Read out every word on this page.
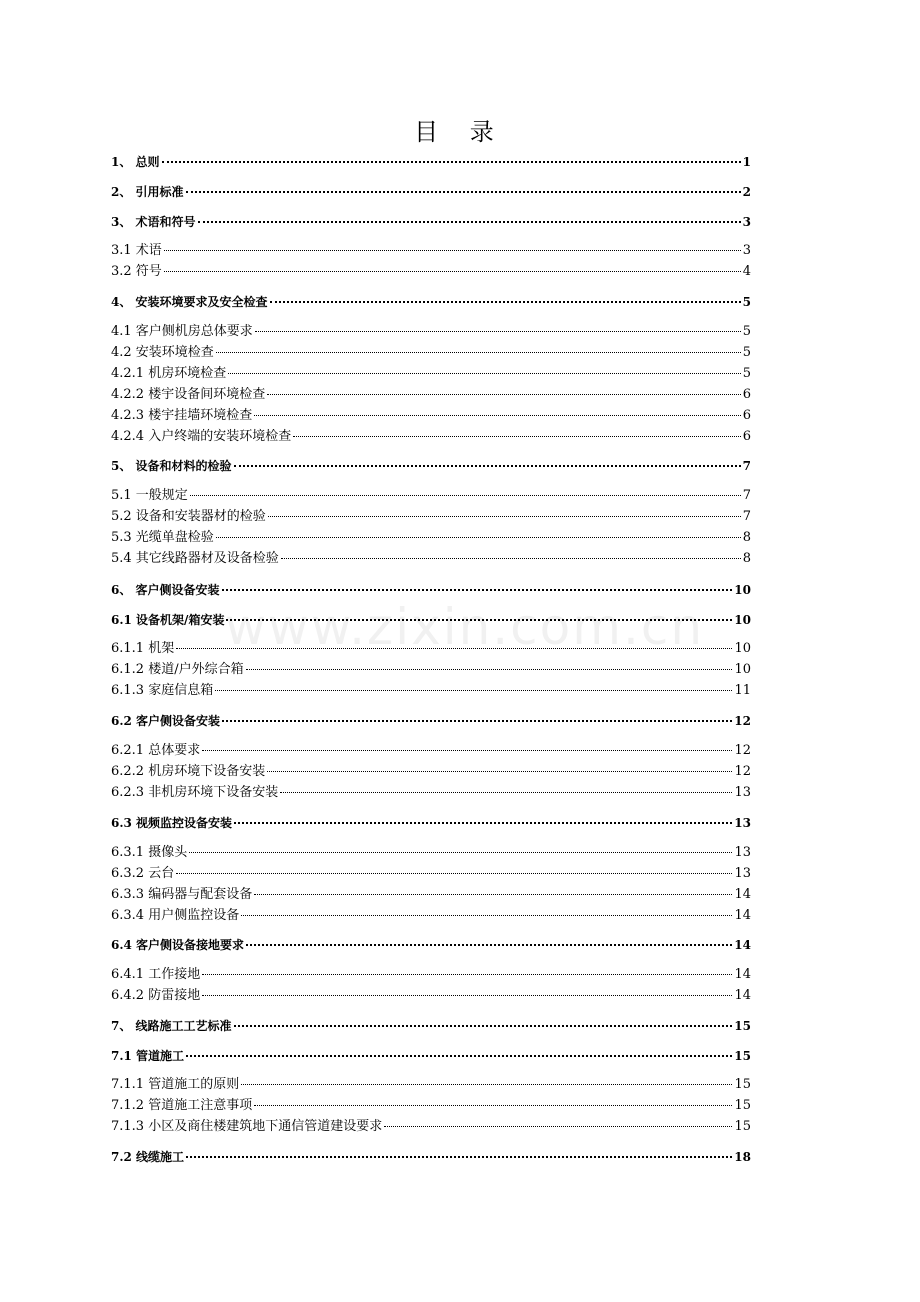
www.zixin.com.cn
目 录
1、 总则	1
2、 引用标准	2
3、 术语和符号	3
3.1 术语	3
3.2 符号	4
4、 安装环境要求及安全检查	5
4.1 客户侧机房总体要求	5
4.2 安装环境检查	5
4.2.1 机房环境检查	5
4.2.2 楼宇设备间环境检查	6
4.2.3 楼宇挂墙环境检查	6
4.2.4 入户终端的安装环境检查	6
5、 设备和材料的检验	7
5.1 一般规定	7
5.2 设备和安装器材的检验	7
5.3 光缆单盘检验	8
5.4 其它线路器材及设备检验	8
6、 客户侧设备安装	10
6.1 设备机架/箱安装	10
6.1.1 机架	10
6.1.2 楼道/户外综合箱	10
6.1.3 家庭信息箱	11
6.2 客户侧设备安装	12
6.2.1 总体要求	12
6.2.2 机房环境下设备安装	12
6.2.3 非机房环境下设备安装	13
6.3 视频监控设备安装	13
6.3.1 摄像头	13
6.3.2 云台	13
6.3.3 编码器与配套设备	14
6.3.4 用户侧监控设备	14
6.4 客户侧设备接地要求	14
6.4.1 工作接地	14
6.4.2 防雷接地	14
7、 线路施工工艺标准	15
7.1 管道施工	15
7.1.1 管道施工的原则	15
7.1.2 管道施工注意事项	15
7.1.3 小区及商住楼建筑地下通信管道建设要求	15
7.2 线缆施工	18
